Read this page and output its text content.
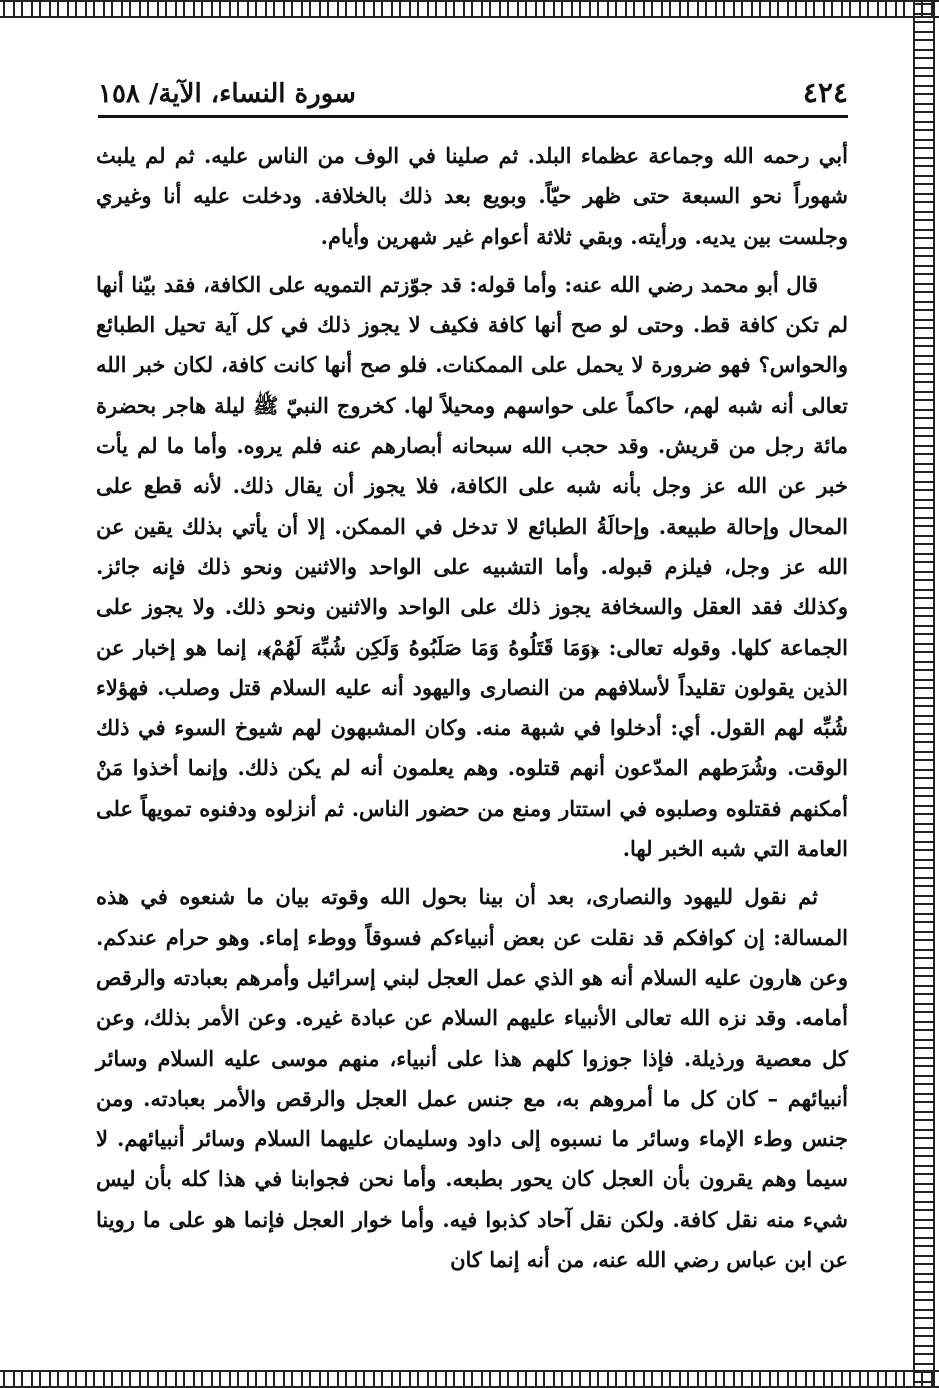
سورة النساء، الآية/ ١٥٨	٤٢٤

أبي رحمه الله وجماعة عظماء البلد. ثم صلينا في الوف من الناس عليه. ثم لم يلبث شهوراً نحو السبعة حتى ظهر حيّاً. وبويع بعد ذلك بالخلافة. ودخلت عليه أنا وغيري وجلست بين يديه. ورأيته. وبقي ثلاثة أعوام غير شهرين وأيام.

قال أبو محمد رضي الله عنه: وأما قوله: قد جوّزتم التمويه على الكافة، فقد بيّنا أنها لم تكن كافة قط. وحتى لو صح أنها كافة فكيف لا يجوز ذلك في كل آية تحيل الطبائع والحواس؟ فهو ضرورة لا يحمل على الممكنات. فلو صح أنها كانت كافة، لكان خبر الله تعالى أنه شبه لهم، حاكماً على حواسهم ومحيلاً لها. كخروج النبيّ ﷺ ليلة هاجر بحضرة مائة رجل من قريش. وقد حجب الله سبحانه أبصارهم عنه فلم يروه. وأما ما لم يأت خبر عن الله عز وجل بأنه شبه على الكافة، فلا يجوز أن يقال ذلك. لأنه قطع على المحال وإحالة طبيعة. وإحالَةُ الطبائع لا تدخل في الممكن. إلا أن يأتي بذلك يقين عن الله عز وجل، فيلزم قبوله. وأما التشبيه على الواحد والاثنين ونحو ذلك فإنه جائز. وكذلك فقد العقل والسخافة يجوز ذلك على الواحد والاثنين ونحو ذلك. ولا يجوز على الجماعة كلها. وقوله تعالى: ﴿وَمَا قَتَلُوهُ وَمَا صَلَبُوهُ وَلَكِن شُبِّهَ لَهُمْ﴾، إنما هو إخبار عن الذين يقولون تقليداً لأسلافهم من النصارى واليهود أنه عليه السلام قتل وصلب. فهؤلاء شُبِّه لهم القول. أي: أدخلوا في شبهة منه. وكان المشبهون لهم شيوخ السوء في ذلك الوقت. وشُرَطهم المدّعون أنهم قتلوه. وهم يعلمون أنه لم يكن ذلك. وإنما أخذوا مَنْ أمكنهم فقتلوه وصلبوه في استتار ومنع من حضور الناس. ثم أنزلوه ودفنوه تمويهاً على العامة التي شبه الخبر لها.

ثم نقول لليهود والنصارى، بعد أن بينا بحول الله وقوته بيان ما شنعوه في هذه المسالة: إن كوافكم قد نقلت عن بعض أنبياءكم فسوقاً ووطء إماء. وهو حرام عندكم. وعن هارون عليه السلام أنه هو الذي عمل العجل لبني إسرائيل وأمرهم بعبادته والرقص أمامه. وقد نزه الله تعالى الأنبياء عليهم السلام عن عبادة غيره. وعن الأمر بذلك، وعن كل معصية ورذيلة. فإذا جوزوا كلهم هذا على أنبياء، منهم موسى عليه السلام وسائر أنبيائهم – كان كل ما أمروهم به، مع جنس عمل العجل والرقص والأمر بعبادته. ومن جنس وطء الإماء وسائر ما نسبوه إلى داود وسليمان عليهما السلام وسائر أنبيائهم. لا سيما وهم يقرون بأن العجل كان يحور بطبعه. وأما نحن فجوابنا في هذا كله بأن ليس شيء منه نقل كافة. ولكن نقل آحاد كذبوا فيه. وأما خوار العجل فإنما هو على ما روينا عن ابن عباس رضي الله عنه، من أنه إنما كان
